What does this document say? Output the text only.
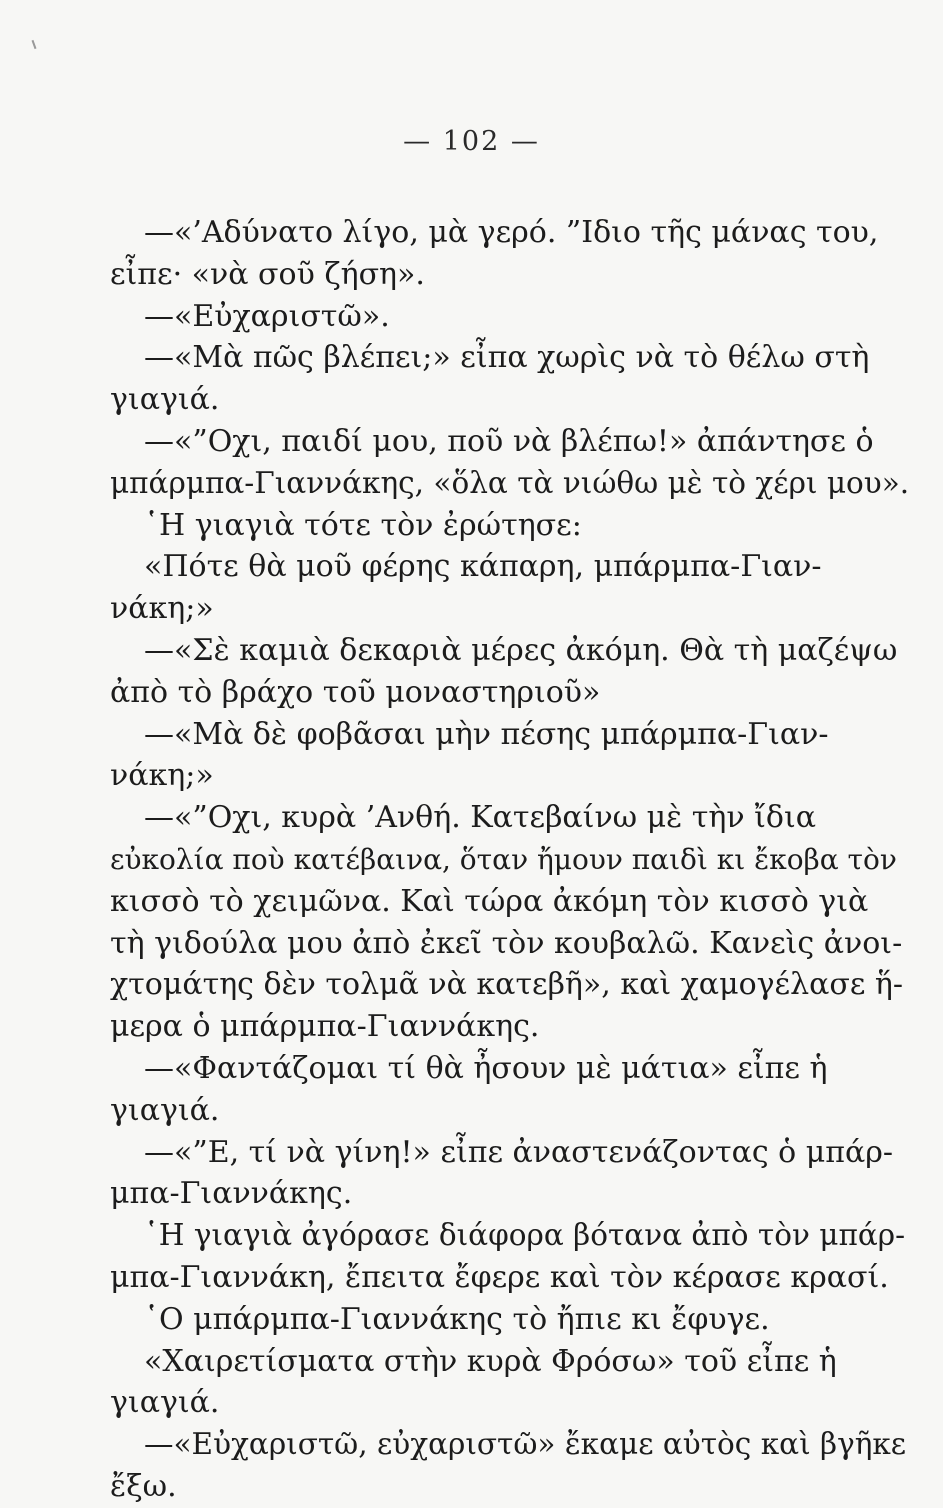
— 102 —

—«’Αδύνατο λίγο, μὰ γερό. ”Ιδιο τῆς μάνας του,

εἶπε· «νὰ σοῦ ζήση».

—«Εὐχαριστῶ».

—«Μὰ πῶς βλέπει;» εἶπα χωρὶς νὰ τὸ θέλω στὴ

γιαγιά.

—«”Οχι, παιδί μου, ποῦ νὰ βλέπω!» ἀπάντησε ὁ

μπάρμπα-Γιαννάκης, «ὅλα τὰ νιώθω μὲ τὸ χέρι μου».

῾Η γιαγιὰ τότε τὸν ἐρώτησε:

«Πότε θὰ μοῦ φέρης κάπαρη, μπάρμπα-Γιαν-

νάκη;»

—«Σὲ καμιὰ δεκαριὰ μέρες ἀκόμη. Θὰ τὴ μαζέψω

ἀπὸ τὸ βράχο τοῦ μοναστηριοῦ»

—«Μὰ δὲ φοβᾶσαι μὴν πέσης μπάρμπα-Γιαν-

νάκη;»

—«”Οχι, κυρὰ ’Ανθή. Κατεβαίνω μὲ τὴν ἴδια

εὐκολία ποὺ κατέβαινα, ὅταν ἤμουν παιδὶ κι ἔκοβα τὸν

κισσὸ τὸ χειμῶνα. Καὶ τώρα ἀκόμη τὸν κισσὸ γιὰ

τὴ γιδούλα μου ἀπὸ ἐκεῖ τὸν κουβαλῶ. Κανεὶς ἀνοι-

χτομάτης δὲν τολμᾶ νὰ κατεβῆ», καὶ χαμογέλασε ἥ-

μερα ὁ μπάρμπα-Γιαννάκης.

—«Φαντάζομαι τί θὰ ἦσουν μὲ μάτια» εἶπε ἡ

γιαγιά.

—«”Ε, τί νὰ γίνη!» εἶπε ἀναστενάζοντας ὁ μπάρ-

μπα-Γιαννάκης.

῾Η γιαγιὰ ἀγόρασε διάφορα βότανα ἀπὸ τὸν μπάρ-

μπα-Γιαννάκη, ἔπειτα ἔφερε καὶ τὸν κέρασε κρασί.

῾Ο μπάρμπα-Γιαννάκης τὸ ἤπιε κι ἔφυγε.

«Χαιρετίσματα στὴν κυρὰ Φρόσω» τοῦ εἶπε ἡ

γιαγιά.

—«Εὐχαριστῶ, εὐχαριστῶ» ἔκαμε αὐτὸς καὶ βγῆκε

ἔξω.
